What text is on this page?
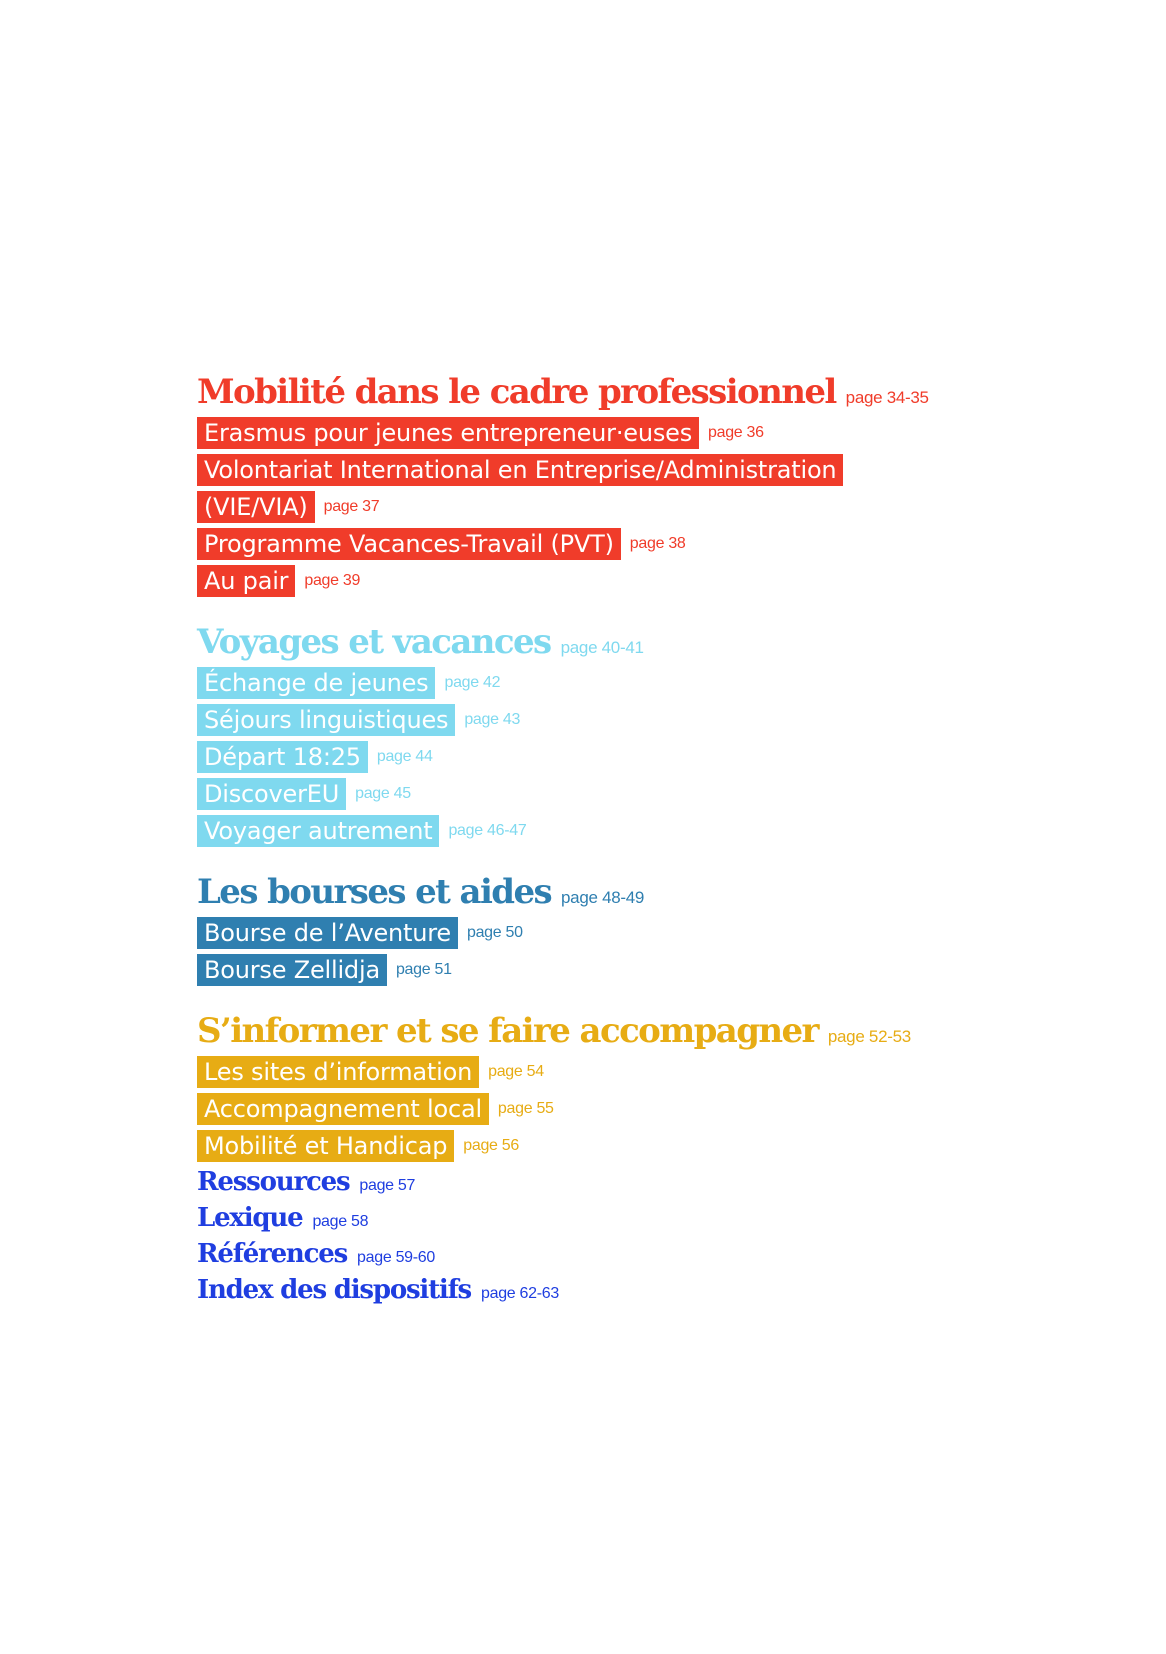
Mobilité dans le cadre professionnel page 34-35
Erasmus pour jeunes entrepreneur·euses	page 36
Volontariat International en Entreprise/Administration
(VIE/VIA)	page 37
Programme Vacances-Travail (PVT)	page 38
Au pair	page 39
Voyages et vacances page 40-41
Échange de jeunes	page 42
Séjours linguistiques	page 43
Départ 18:25	page 44
DiscoverEU	page 45
Voyager autrement	page 46-47
Les bourses et aides page 48-49
Bourse de l’Aventure	page 50
Bourse Zellidja	page 51
S’informer et se faire accompagner page 52-53
Les sites d’information	page 54
Accompagnement local	page 55
Mobilité et Handicap	page 56
Ressources page 57
Lexique page 58
Références page 59-60
Index des dispositifs page 62-63
